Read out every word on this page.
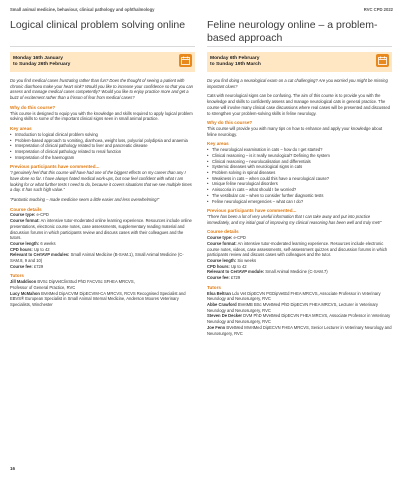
Small animal medicine, behaviour, clinical pathology and ophthalmology	RVC CPD 2022
Logical clinical problem solving online
Monday 16th January
to Sunday 26th February

Do you find medical cases frustrating rather than fun? Does the thought of seeing a patient with chronic diarrhoea make your heart sink? Would you like to increase your confidence so that you can assess and manage medical cases competently? Would you like to enjoy practice more and get a buzz of excitement rather than a frisson of fear from medical cases?

Why do this course?

This course is designed to equip you with the knowledge and skills required to apply logical problem solving skills to some of the important clinical signs seen in small animal practice.

Key areas
• Introduction to logical clinical problem solving
• Problem-based approach to vomiting, diarrhoea, weight loss, polyuria/ polydipsia and anaemia
• Interpretation of clinical pathology related to liver and pancreatic disease
• Interpretation of clinical pathology related to renal function
• Interpretation of the haemogram
Previous participants have commented...

“I genuinely feel that this course will have had one of the biggest effects on my career than any I have done so far. I have always hated medical work-ups, but now feel confident with what I am looking for or what further tests I need to do, because it covers situations that we see multiple times a day. It has such high value.”

“Fantastic teaching – made medicine seem a little easier and less overwhelming!”

Course details
Course type: e-CPD
Course format: An intensive tutor-moderated online learning experience. Resources include online presentations, electronic course notes, case assessments, supplementary reading material and discussion forums in which participants review and discuss cases with their colleagues and the tutors.
Course length: 6 weeks
CPD hours: Up to 42
Relevant to CertAVP modules: Small Animal Medicine (B-SAM.1), Small Animal Medicine (C-SAM.8, 9 and 10)
Course fee: £729
Tutors
Jill Maddison BVSc DipVetClinStud PhD FACVSc SFHEA MRCVS,
Professor of General Practice, RVC
Lucy McMahon BVetMed DipACVIM DipECVIM-CA MRCVS, RCVS Recognised Specialist and EBVS® European Specialist in Small Animal Internal Medicine, Anderson Moores Veterinary Specialists, Winchester
Feline neurology online – a problem-based approach
Monday 6th February
to Sunday 19th March

Do you find doing a neurological exam on a cat challenging? Are you worried you might be missing important clues?

Cats with neurological signs can be confusing. The aim of this course is to provide you with the knowledge and skills to confidently assess and manage neurological cats in general practice. The course will involve many clinical case discussions where real cases will be presented and discussed to strengthen your problem-solving skills in feline neurology.

Why do this course?

This course will provide you with many tips on how to enhance and apply your knowledge about feline neurology.

Key areas
• The neurological examination in cats – how do I get started?
• Clinical reasoning – is it really neurological? Defining the system
• Clinical reasoning – neurolocalisation and differentials
• Systemic diseases with neurological signs in cats
• Problem solving in spinal diseases
• Weakness in cats – when could this have a neurological cause?
• Unique feline neurological disorders
• Anisocoria in cats – what should I be worried?
• The vestibular cat – when to consider further diagnostic tests
• Feline neurological emergencies – what can I do?
Previous participants have commented...

“There has been a lot of very useful information that I can take away and put into practice immediately, and my initial goal of improving my clinical reasoning has been well and truly met!”

Course details
Course type: e-CPD
Course format: An intensive tutor-moderated learning experience. Resources include electronic course notes, videos, case assessments, self-assessment quizzes and discussion forums in which participants review and discuss cases with colleagues and the tutor.
Course length: Six weeks
CPD hours: Up to 42
Relevant to CertAVP module: Small Animal Medicine (C-SAM.7)
Course fee: £729
Tutors
Elsa Beltran Ldo Vet DipECVN PGDipVetEd FHEA MRCVS, Associate Professor in Veterinary Neurology and Neurosurgery, RVC
Abbe Crawford BVetMB BSc MVetMed PhD DipECVN FHEA MRCVS, Lecturer in Veterinary Neurology and Neurosurgery, RVC
Steven De Decker DVM PhD MVetMed DipECVN FHEA MRCVS, Associate Professor in Veterinary Neurology and Neurosurgery, RVC
Joe Fenn BVetMed MVetMed DipECVN FHEA MRCVS, Senior Lecturer in Veterinary Neurology and Neurosurgery, RVC
16
